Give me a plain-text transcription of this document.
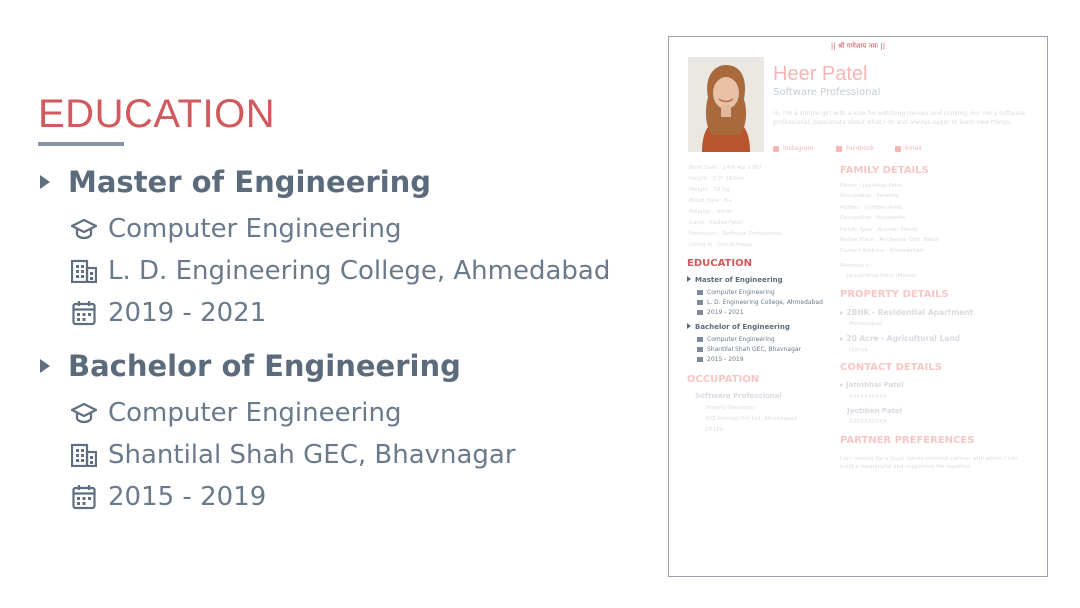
EDUCATION
Master of Engineering
Computer Engineering
L. D. Engineering College, Ahmedabad
2019 - 2021
Bachelor of Engineering
Computer Engineering
Shantilal Shah GEC, Bhavnagar
2015 - 2019
|| श्री गणेशाय नमः ||
Heer Patel
Software Professional
Hi, I'm a simple girl with a love for watching movies and cooking. For me a software professional, passionate about what I do and always eager to learn new things.
Instagram	Facebook	Email
Birth Date : 14th Apr 1997
Height : 5'3" 160cm
Weight : 58 Kg
Blood Type : B+
Religion : Hindu
Caste : Kadva Patel
Profession : Software Professional
Living In : Gandhinagar
EDUCATION
Master of Engineering
Computer Engineering
L. D. Engineering College, Ahmedabad
2019 - 2021
Bachelor of Engineering
Computer Engineering
Shantilal Shah GEC, Bhavnagar
2015 - 2019
OCCUPATION
Software Professional
Shopify Developer
XYZ Internet Pvt Ltd, Ahmedabad
10 LPA
FAMILY DETAILS
Father : Jatinbhai Patel
Occupation : Farming
Mother : Jyotiben Patel
Occupation : Housewife
Family Type : Nuclear Family
Native Place : At Ujaliya, Dist. Bakol
Current Address : Ahmedabad
Maternal's :
Jaisukhbhai Patel (Mama)
PROPERTY DETAILS
▸ 2BHK - Residential Apartment
Ahmedabad
▸ 20 Acre - Agricultural Land
Ujaliya
CONTACT DETAILS
▸ Jatinbhai Patel
XXXXXXXXXX
Jyotiben Patel
XXXXXXXXXX
PARTNER PREFERENCES
I am looking for a loyal, family-oriented partner with whom I can build a meaningful and supportive life together.
